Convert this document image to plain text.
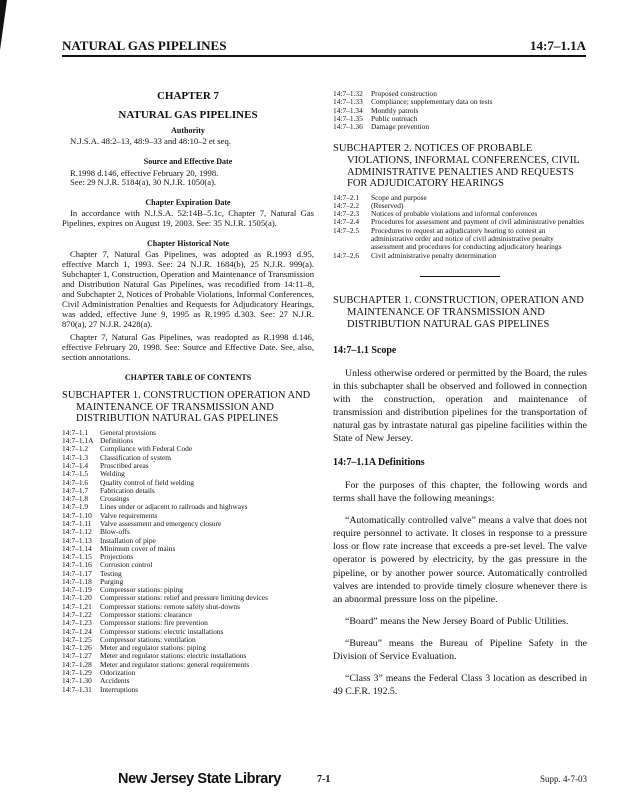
NATURAL GAS PIPELINES	14:7–1.1A
CHAPTER 7
NATURAL GAS PIPELINES
Authority

N.J.S.A. 48:2–13, 48:9–33 and 48:10–2 et seq.

Source and Effective Date

R.1998 d.146, effective February 20, 1998.

See: 29 N.J.R. 5184(a), 30 N.J.R. 1050(a).

Chapter Expiration Date

In accordance with N.J.S.A. 52:14B–5.1c, Chapter 7, Natural Gas Pipelines, expires on August 19, 2003. See: 35 N.J.R. 1505(a).

Chapter Historical Note

Chapter 7, Natural Gas Pipelines, was adopted as R.1993 d.95, effective March 1, 1993. See: 24 N.J.R. 1684(b), 25 N.J.R. 999(a). Subchapter 1, Construction, Operation and Maintenance of Transmission and Distribution Natural Gas Pipelines, was recodified from 14:11–8, and Subchapter 2, Notices of Probable Violations, Informal Conferences, Civil Administration Penalties and Requests for Adjudicatory Hearings, was added, effective June 9, 1995 as R.1995 d.303. See: 27 N.J.R. 870(a), 27 N.J.R. 2428(a).

Chapter 7, Natural Gas Pipelines, was readopted as R.1998 d.146, effective February 20, 1998. See: Source and Effective Date. See, also, section annotations.

CHAPTER TABLE OF CONTENTS
SUBCHAPTER 1. CONSTRUCTION OPERATION AND MAINTENANCE OF TRANSMISSION AND DISTRIBUTION NATURAL GAS PIPELINES
14:7–1.1	General provisions
14:7–1.1A Definitions
14:7–1.2	Compliance with Federal Code
14:7–1.3	Classification of system
14:7–1.4	Proscribed areas
14:7–1.5	Welding
14:7–1.6	Quality control of field welding
14:7–1.7	Fabrication details
14:7–1.8	Crossings
14:7–1.9	Lines under or adjacent to railroads and highways
14:7–1.10	Valve requirements
14:7–1.11	Valve assessment and emergency closure
14:7–1.12	Blow-offs
14:7–1.13	Installation of pipe
14:7–1.14	Minimum cover of mains
14:7–1.15	Projections
14:7–1.16	Corrosion control
14:7–1.17	Testing
14:7–1.18	Purging
14:7–1.19	Compressor stations: piping
14:7–1.20	Compressor stations: relief and pressure limiting devices
14:7–1.21	Compressor stations: remote safety shut-downs
14:7–1.22	Compressor stations: clearance
14:7–1.23	Compressor stations: fire prevention
14:7–1.24	Compressor stations: electric installations
14:7–1.25	Compressor stations: ventilation
14:7–1.26	Meter and regulator stations: piping
14:7–1.27	Meter and regulator stations: electric installations
14:7–1.28	Meter and regulator stations: general requirements
14:7–1.29	Odorization
14:7–1.30	Accidents
14:7–1.31	Interruptions
14:7–1.32	Proposed construction
14:7–1.33	Compliance; supplementary data on tests
14:7–1.34	Monthly patrols
14:7–1.35	Public outreach
14:7–1.36	Damage prevention
SUBCHAPTER 2. NOTICES OF PROBABLE VIOLATIONS, INFORMAL CONFERENCES, CIVIL ADMINISTRATIVE PENALTIES AND REQUESTS FOR ADJUDICATORY HEARINGS
14:7–2.1	Scope and purpose
14:7–2.2	(Reserved)
14:7–2.3	Notices of probable violations and informal conferences
14:7–2.4	Procedures for assessment and payment of civil administrative penalties
14:7–2.5	Procedures to request an adjudicatory hearing to contest an administrative order and notice of civil administrative penalty assessment and procedures for conducting adjudicatory hearings
14:7–2.6	Civil administrative penalty determination
SUBCHAPTER 1. CONSTRUCTION, OPERATION AND MAINTENANCE OF TRANSMISSION AND DISTRIBUTION NATURAL GAS PIPELINES
14:7–1.1 Scope

Unless otherwise ordered or permitted by the Board, the rules in this subchapter shall be observed and followed in connection with the construction, operation and maintenance of transmission and distribution pipelines for the transportation of natural gas by intrastate natural gas pipeline facilities within the State of New Jersey.

14:7–1.1A Definitions

For the purposes of this chapter, the following words and terms shall have the following meanings:

“Automatically controlled valve” means a valve that does not require personnel to activate. It closes in response to a pressure loss or flow rate increase that exceeds a pre-set level. The valve operator is powered by electricity, by the gas pressure in the pipeline, or by another power source. Automatically controlled valves are intended to provide timely closure whenever there is an abnormal pressure loss on the pipeline.

“Board” means the New Jersey Board of Public Utilities.

“Bureau” means the Bureau of Pipeline Safety in the Division of Service Evaluation.

“Class 3” means the Federal Class 3 location as described in 49 C.F.R. 192.5.

New Jersey State Library	7-1	Supp. 4-7-03
